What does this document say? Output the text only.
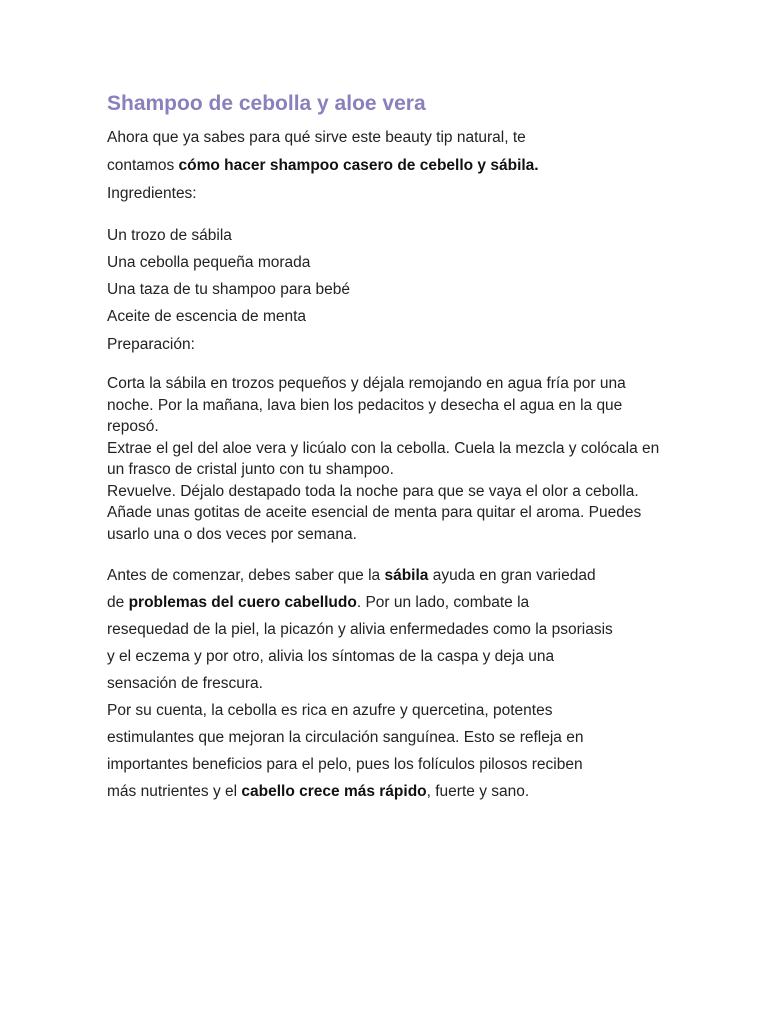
Shampoo de cebolla y aloe vera

Ahora que ya sabes para qué sirve este beauty tip natural, te
contamos cómo hacer shampoo casero de cebello y sábila.
Ingredientes:

Un trozo de sábila
Una cebolla pequeña morada
Una taza de tu shampoo para bebé
Aceite de escencia de menta
Preparación:

Corta la sábila en trozos pequeños y déjala remojando en agua fría por una noche. Por la mañana, lava bien los pedacitos y desecha el agua en la que reposó.

Extrae el gel del aloe vera y licúalo con la cebolla. Cuela la mezcla y colócala en un frasco de cristal junto con tu shampoo.

Revuelve. Déjalo destapado toda la noche para que se vaya el olor a cebolla. Añade unas gotitas de aceite esencial de menta para quitar el aroma. Puedes usarlo una o dos veces por semana.

Antes de comenzar, debes saber que la sábila ayuda en gran variedad
de problemas del cuero cabelludo. Por un lado, combate la
resequedad de la piel, la picazón y alivia enfermedades como la psoriasis
y el eczema y por otro, alivia los síntomas de la caspa y deja una
sensación de frescura.

Por su cuenta, la cebolla es rica en azufre y quercetina, potentes
estimulantes que mejoran la circulación sanguínea. Esto se refleja en
importantes beneficios para el pelo, pues los folículos pilosos reciben
más nutrientes y el cabello crece más rápido, fuerte y sano.
